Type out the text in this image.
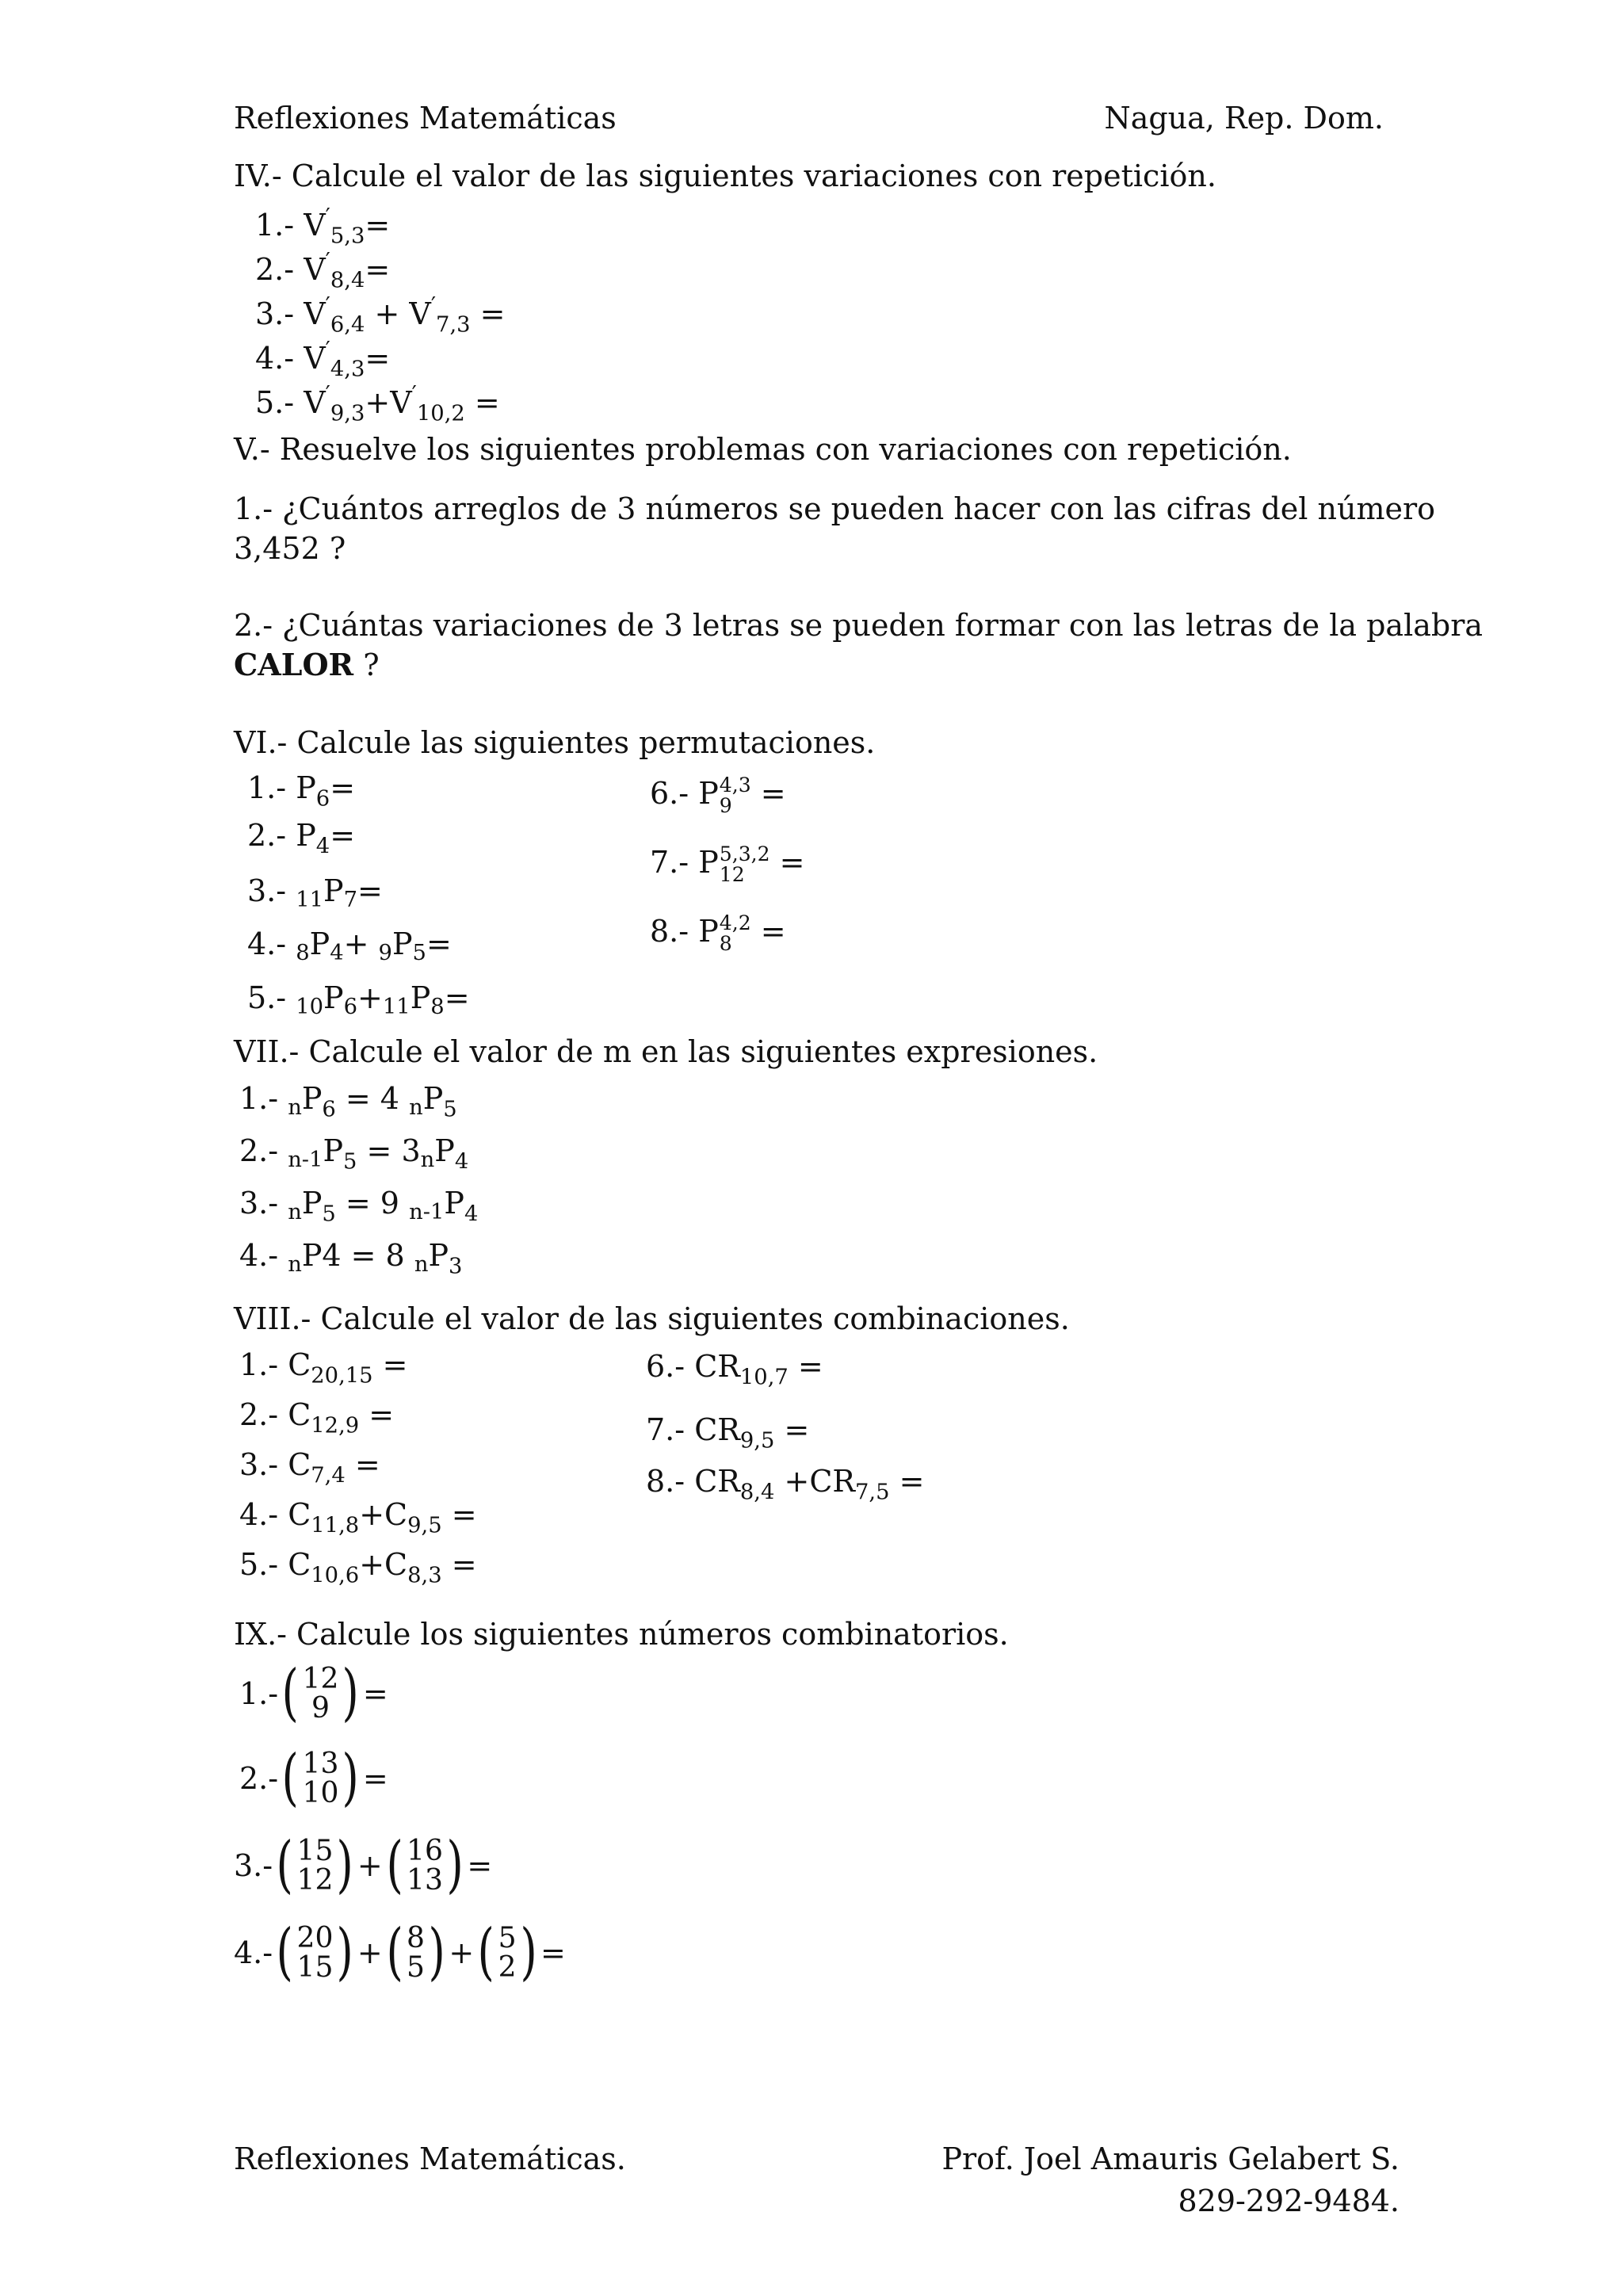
Reflexiones Matemáticas	Nagua, Rep. Dom.
IV.- Calcule el valor de las siguientes variaciones con repetición.
V.- Resuelve los siguientes problemas con variaciones con repetición.
1.- ¿Cuántos arreglos de 3 números se pueden hacer con las cifras del número
3,452 ?
2.- ¿Cuántas variaciones de 3 letras se pueden formar con las letras de la palabra
CALOR ?
VI.- Calcule las siguientes permutaciones.
VII.- Calcule el valor de m en las siguientes expresiones.
VIII.- Calcule el valor de las siguientes combinaciones.
IX.- Calcule los siguientes números combinatorios.
Reflexiones Matemáticas.	Prof. Joel Amauris Gelabert S.
829-292-9484.
1.- $V'_{5,3}=$
2.- $V'_{8,4}=$
3.- $V'_{6,4} + V'_{7,3}$ =
4.- $V'_{4,3}=$
5.- $V'_{9,3}+V'_{10,2}$ =
1.- $P_6=$
2.- $P_4=$
3.- 11P7=
4.- 8P4+ 9P5=
5.- 10P6+11P8=
6.- P 4,3
9 =
7.- P 5,3,2
12 =
8.- P 4,2
8 =
1.- $nP_6 = 4$ $nP_5$
2.- $n-1P_5 = 3nP_4$
3.- $nP_5 = 9$ $n-1P_4$
4.- nP4 = 8 $nP_3$
1.- $C_{20,15}$ =
2.- $C_{12,9}$ =
3.- $C_{7,4}$ =
4.- $C_{11,8}+C_{9,5}$ =
5.- $C_{10,6}+C_{8,3}$ =
6.- $CR_{10,7}$ =
7.- $CR_{9,5}$ =
8.- $CR_{8,4} +CR_{7,5}$ =
1.- ( 12
9 ) =
2.- ( 13
10 ) =
3.- ( 15
12 ) + ( 16
13 ) =
4.- ( 20
15 ) + ( 8
5 ) + ( 5
2 ) =
